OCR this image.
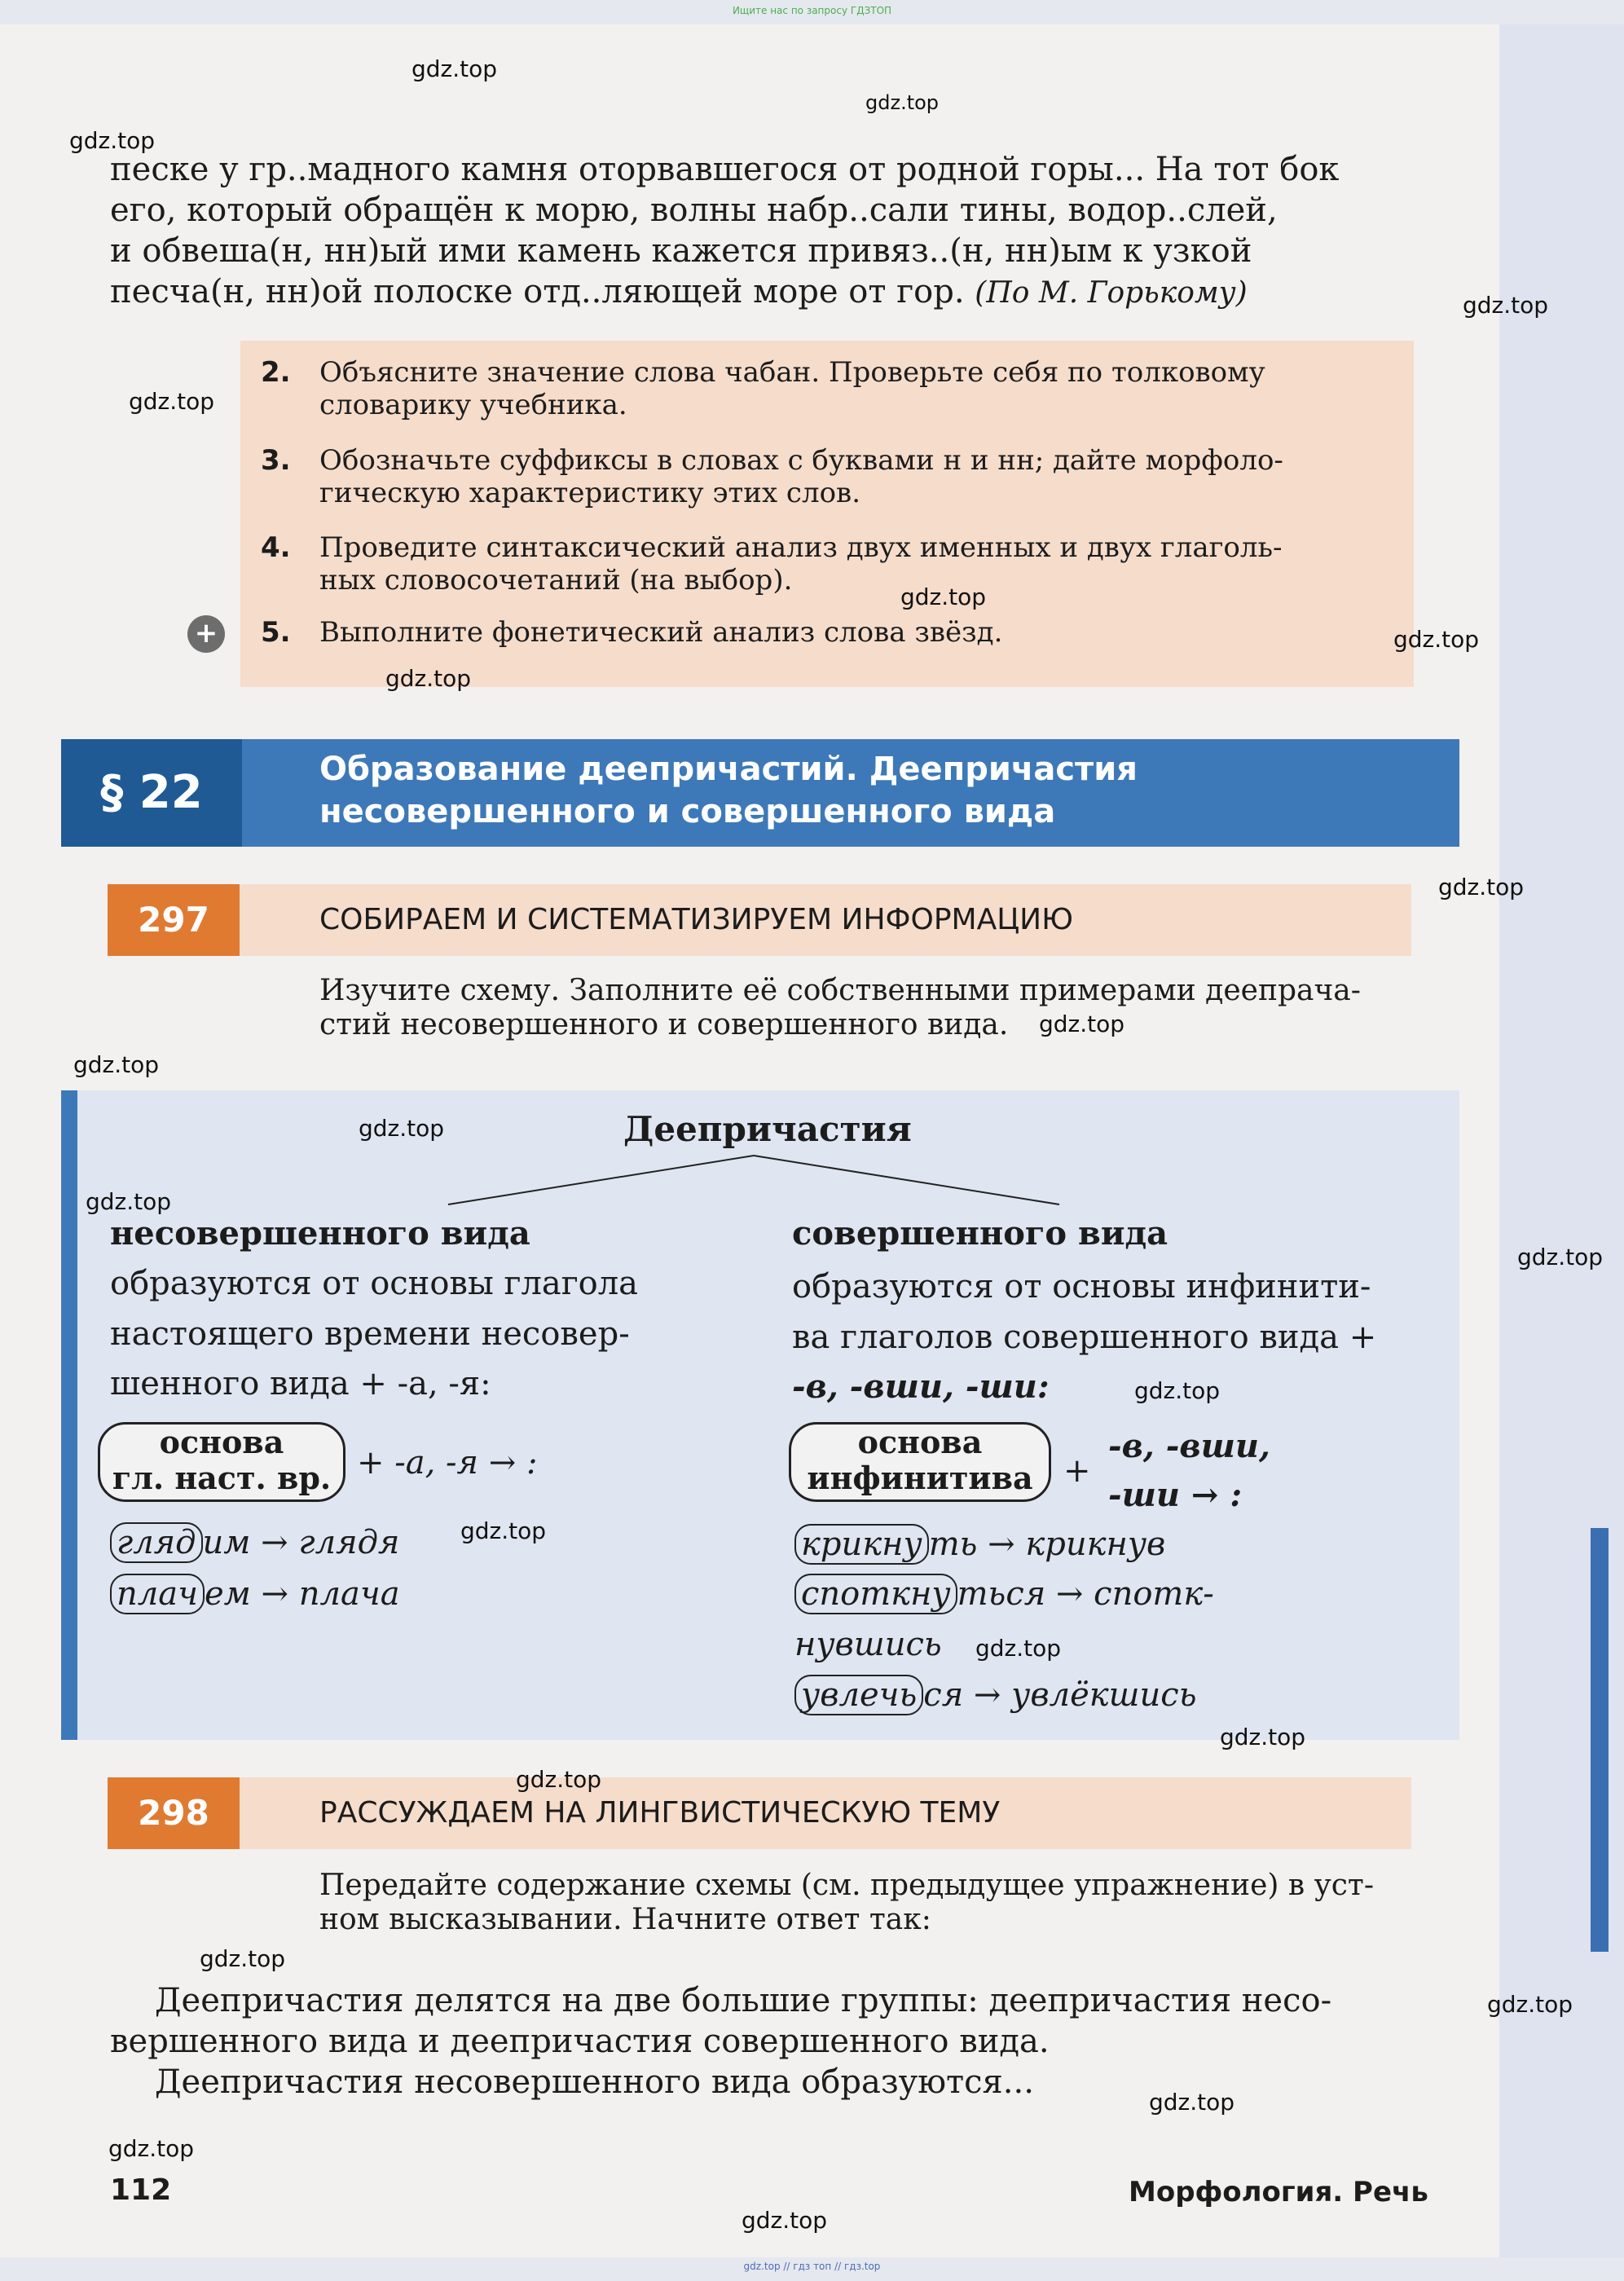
Ищите нас по запросу ГДЗТОП

песке у гр..мадного камня оторвавшегося от родной горы... На тот бок

его, который обращён к морю, волны набр..сали тины, водор..слей,

и обвеша(н, нн)ый ими камень кажется привяз..(н, нн)ым к узкой

песча(н, нн)ой полоске отд..ляющей море от гор. (По М. Горькому)

2. Объясните значение слова чабан. Проверьте себя по толковому
словарику учебника.
3. Обозначьте суффиксы в словах с буквами н и нн; дайте морфоло-
гическую характеристику этих слов.
4. Проведите синтаксический анализ двух именных и двух глаголь-
ных словосочетаний (на выбор).
5. Выполните фонетический анализ слова звёзд.
+
§ 22	Образование деепричастий. Деепричастия
несовершенного и совершенного вида
297	СОБИРАЕМ И СИСТЕМАТИЗИРУЕМ ИНФОРМАЦИЮ
Изучите схему. Заполните её собственными примерами деепрача-
стий несовершенного и совершенного вида.
Деепричастия
несовершенного вида
образуются от основы глагола
настоящего времени несовер-
шенного вида + -а, -я:
основа
гл. наст. вр. + -а, -я → :
гляд им → глядя
плач ем → плача
совершенного вида
образуются от основы инфинити-
ва глаголов совершенного вида +
-в, -вши, -ши:
основа
инфинитива +
-в, -вши,
-ши → :
крикну ть → крикнув
споткну ться → спотк-
нувшись
увлечь ся → увлёкшись
298	РАССУЖДАЕМ НА ЛИНГВИСТИЧЕСКУЮ ТЕМУ
Передайте содержание схемы (см. предыдущее упражнение) в уст-
ном высказывании. Начните ответ так:
Деепричастия делятся на две большие группы: деепричастия несо-
вершенного вида и деепричастия совершенного вида.
Деепричастия несовершенного вида образуются...
112	Морфология. Речь
gdz.top
gdz.top
gdz.top
gdz.top
gdz.top
gdz.top
gdz.top
gdz.top
gdz.top
gdz.top
gdz.top
gdz.top
gdz.top
gdz.top
gdz.top
gdz.top
gdz.top
gdz.top
gdz.top
gdz.top
gdz.top
gdz.top
gdz.top
gdz.top
gdz.top // гдз топ // гдз.top
